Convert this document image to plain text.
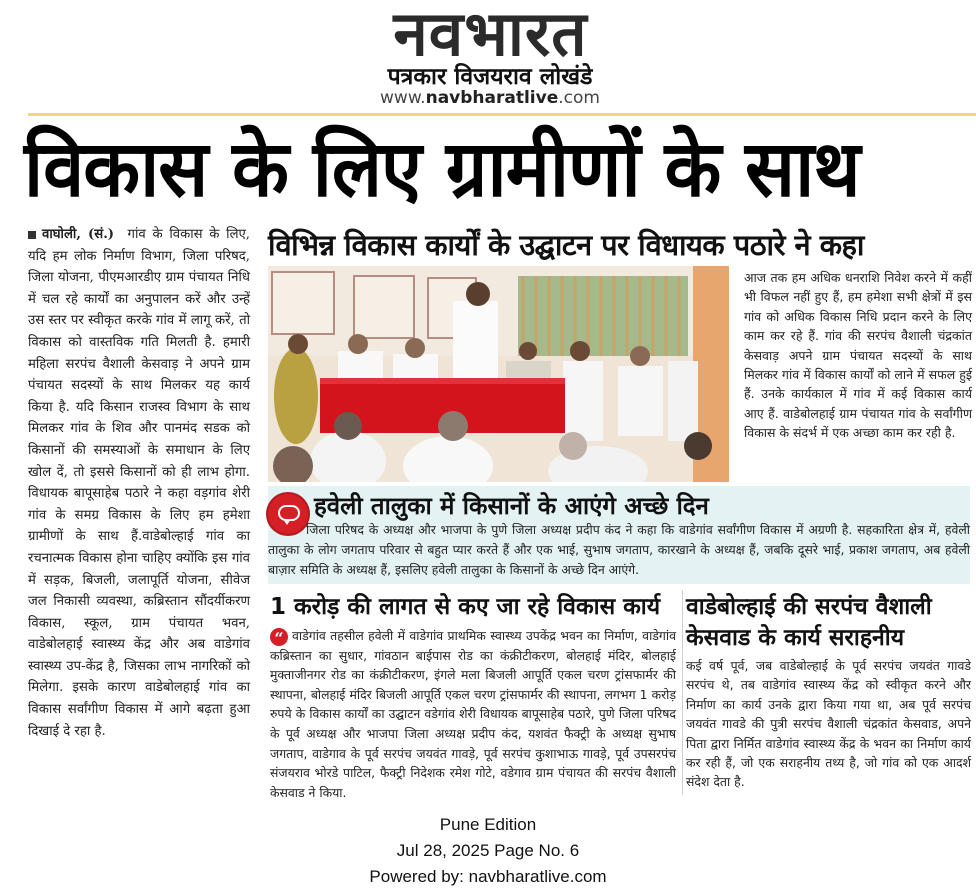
नवभारत
पत्रकार विजयराव लोखंडे
www.navbharatlive.com
विकास के लिए ग्रामीणों के साथ
वाघोली, (सं.) गांव के विकास के लिए, यदि हम लोक निर्माण विभाग, जिला परिषद, जिला योजना, पीएमआरडीए ग्राम पंचायत निधि में चल रहे कार्यों का अनुपालन करें और उन्हें उस स्तर पर स्वीकृत करके गांव में लागू करें, तो विकास को वास्तविक गति मिलती है. हमारी महिला सरपंच वैशाली केसवाड़ ने अपने ग्राम पंचायत सदस्यों के साथ मिलकर यह कार्य किया है. यदि किसान राजस्व विभाग के साथ मिलकर गांव के शिव और पानमंद सडक को किसानों की समस्याओं के समाधान के लिए खोल दें, तो इससे किसानों को ही लाभ होगा. विधायक बापूसाहेब पठारे ने कहा वड़गांव शेरी गांव के समग्र विकास के लिए हम हमेशा ग्रामीणों के साथ हैं.वाडेबोल्हाई गांव का रचनात्मक विकास होना चाहिए क्योंकि इस गांव में सड़क, बिजली, जलापूर्ति योजना, सीवेज जल निकासी व्यवस्था, कब्रिस्तान सौंदर्यीकरण विकास, स्कूल, ग्राम पंचायत भवन, वाडेबोलहाई स्वास्थ्य केंद्र और अब वाडेगांव स्वास्थ्य उप-केंद्र है, जिसका लाभ नागरिकों को मिलेगा. इसके कारण वाडेबोलहाई गांव का विकास सर्वांगीण विकास में आगे बढ़ता हुआ दिखाई दे रहा है.
विभिन्न विकास कार्यों के उद्घाटन पर विधायक पठारे ने कहा
आज तक हम अधिक धनराशि निवेश करने में कहीं भी विफल नहीं हुए हैं, हम हमेशा सभी क्षेत्रों में इस गांव को अधिक विकास निधि प्रदान करने के लिए काम कर रहे हैं. गांव की सरपंच वैशाली चंद्रकांत केसवाड़ अपने ग्राम पंचायत सदस्यों के साथ मिलकर गांव में विकास कार्यों को लाने में सफल हुई हैं. उनके कार्यकाल में गांव में कई विकास कार्य आए हैं. वाडेबोलहाई ग्राम पंचायत गांव के सर्वांगीण विकास के संदर्भ में एक अच्छा काम कर रही है.
हवेली तालुका में किसानों के आएंगे अच्छे दिन
जिला परिषद के अध्यक्ष और भाजपा के पुणे जिला अध्यक्ष प्रदीप कंद ने कहा कि वाडेगांव सर्वांगीण विकास में अग्रणी है. सहकारिता क्षेत्र में, हवेली तालुका के लोग जगताप परिवार से बहुत प्यार करते हैं और एक भाई, सुभाष जगताप, कारखाने के अध्यक्ष हैं, जबकि दूसरे भाई, प्रकाश जगताप, अब हवेली बाज़ार समिति के अध्यक्ष हैं, इसलिए हवेली तालुका के किसानों के अच्छे दिन आएंगे.
1 करोड़ की लागत से कए जा रहे विकास कार्य
“ वाडेगांव तहसील हवेली में वाडेगांव प्राथमिक स्वास्थ्य उपकेंद्र भवन का निर्माण, वाडेगांव कब्रिस्तान का सुधार, गांवठान बाईपास रोड का कंक्रीटीकरण, बोलहाई मंदिर, बोलहाई मुक्ताजीनगर रोड का कंक्रीटीकरण, इंगले मला बिजली आपूर्ति एकल चरण ट्रांसफार्मर की स्थापना, बोलहाई मंदिर बिजली आपूर्ति एकल चरण ट्रांसफार्मर की स्थापना, लगभग 1 करोड़ रुपये के विकास कार्यों का उद्घाटन वडेगांव शेरी विधायक बापूसाहेब पठारे, पुणे जिला परिषद के पूर्व अध्यक्ष और भाजपा जिला अध्यक्ष प्रदीप कंद, यशवंत फैक्ट्री के अध्यक्ष सुभाष जगताप, वाडेगाव के पूर्व सरपंच जयवंत गावड़े, पूर्व सरपंच कुशाभाऊ गावड़े, पूर्व उपसरपंच संजयराव भोरडे पाटिल, फैक्ट्री निदेशक रमेश गोटे, वडेगाव ग्राम पंचायत की सरपंच वैशाली केसवाड ने किया.
वाडेबोल्हाई की सरपंच वैशाली केसवाड के कार्य सराहनीय
कई वर्ष पूर्व, जब वाडेबोल्हाई के पूर्व सरपंच जयवंत गावडे सरपंच थे, तब वाडेगांव स्वास्थ्य केंद्र को स्वीकृत करने और निर्माण का कार्य उनके द्वारा किया गया था, अब पूर्व सरपंच जयवंत गावडे की पुत्री सरपंच वैशाली चंद्रकांत केसवाड, अपने पिता द्वारा निर्मित वाडेगांव स्वास्थ्य केंद्र के भवन का निर्माण कार्य कर रही हैं, जो एक सराहनीय तथ्य है, जो गांव को एक आदर्श संदेश देता है.
Pune Edition
Jul 28, 2025 Page No. 6
Powered by: navbharatlive.com
